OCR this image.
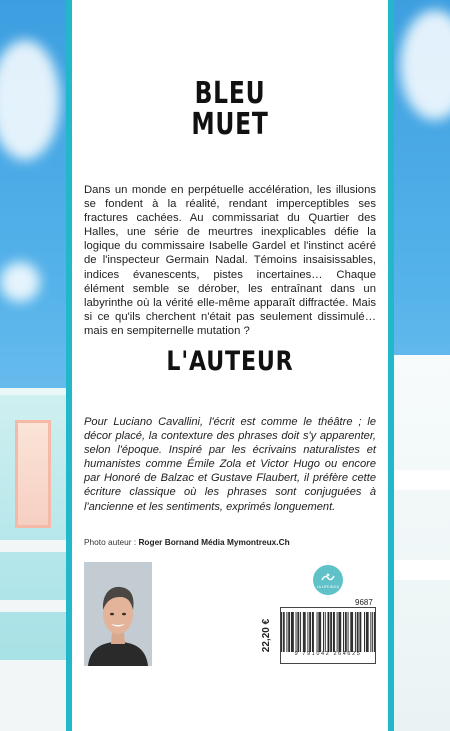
BLEU
MUET

Dans un monde en perpétuelle accélération, les illusions se fondent à la réalité, rendant imperceptibles ses fractures cachées. Au commissariat du Quartier des Halles, une série de meurtres inexplicables défie la logique du commissaire Isabelle Gardel et l'instinct acéré de l'inspecteur Germain Nadal. Témoins insaisissables, indices évanescents, pistes incertaines… Chaque élément semble se dérober, les entraînant dans un labyrinthe où la vérité elle-même apparaît diffractée. Mais si ce qu'ils cherchent n'était pas seulement dissimulé… mais en sempiternelle mutation ?

L'AUTEUR

Pour Luciano Cavallini, l'écrit est comme le théâtre ; le décor placé, la contexture des phrases doit s'y apparenter, selon l'époque. Inspiré par les écrivains naturalistes et humanistes comme Émile Zola et Victor Hugo ou encore par Honoré de Balzac et Gustave Flaubert, il préfère cette écriture classique où les phrases sont conjuguées à l'ancienne et les sentiments, exprimés longuement.

Photo auteur : Roger Bornand Média Mymontreux.Ch
LA LIFE BLEU
9687
22,20 €
9 791042 264625
